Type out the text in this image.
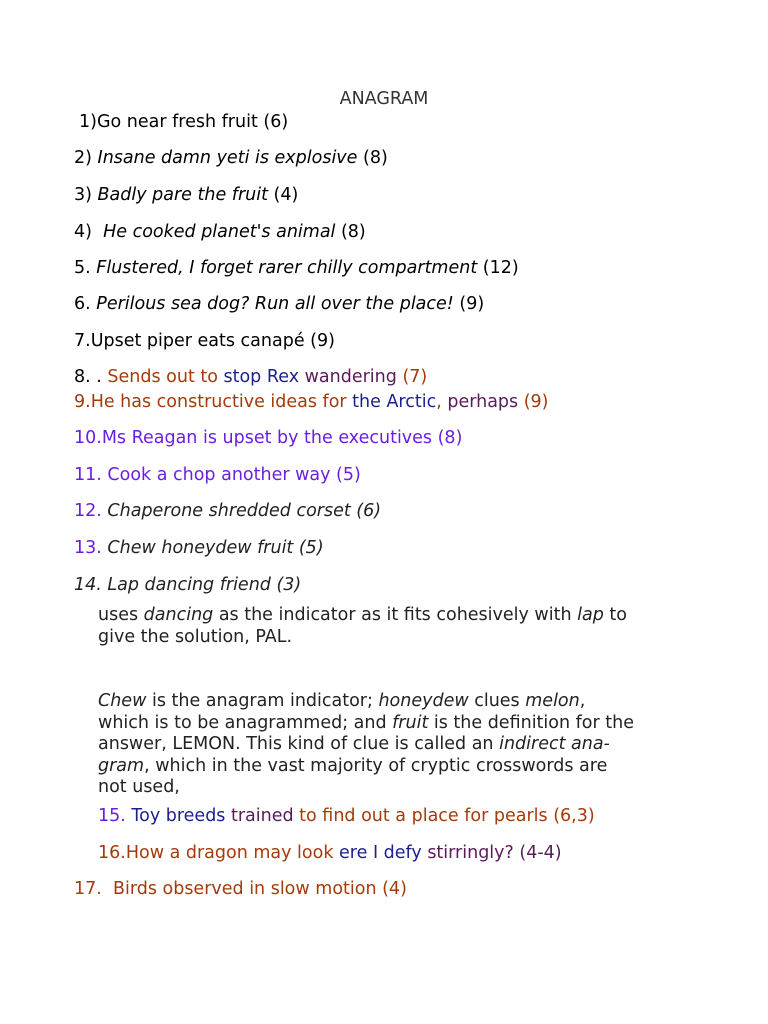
ANAGRAM
1)Go near fresh fruit (6)
2) Insane damn yeti is explosive (8)
3) Badly pare the fruit (4)
4)  He cooked planet's animal (8)
5. Flustered, I forget rarer chilly compartment (12)
6. Perilous sea dog? Run all over the place! (9)
7.Upset piper eats canapé (9)
8. . Sends out to stop Rex wandering (7)
9.He has constructive ideas for the Arctic, perhaps (9)
10.Ms Reagan is upset by the executives (8)
11. Cook a chop another way (5)
12. Chaperone shredded corset (6)
13. Chew honeydew fruit (5)
14. Lap dancing friend (3)
uses dancing as the indicator as it fits cohesively with lap to
give the solution, PAL.
Chew is the anagram indicator; honeydew clues melon,
which is to be anagrammed; and fruit is the definition for the
answer, LEMON. This kind of clue is called an indirect ana-
gram, which in the vast majority of cryptic crosswords are
not used,
15. Toy breeds trained to find out a place for pearls (6,3)
16.How a dragon may look ere I defy stirringly? (4-4)
17.  Birds observed in slow motion (4)
